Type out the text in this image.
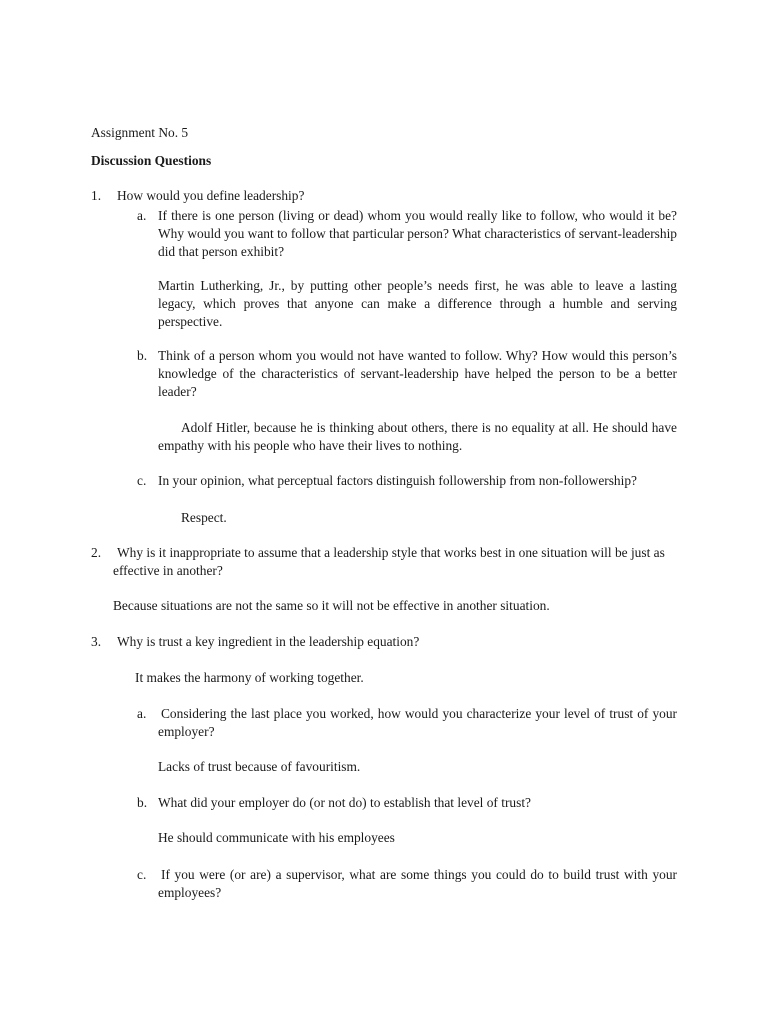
Assignment No. 5
Discussion Questions
1. How would you define leadership?
a. If there is one person (living or dead) whom you would really like to follow, who would it be? Why would you want to follow that particular person? What characteristics of servant-leadership did that person exhibit?
Martin Lutherking, Jr., by putting other people’s needs first, he was able to leave a lasting legacy, which proves that anyone can make a difference through a humble and serving perspective.
b. Think of a person whom you would not have wanted to follow. Why? How would this person’s knowledge of the characteristics of servant-leadership have helped the person to be a better leader?
Adolf Hitler, because he is thinking about others, there is no equality at all. He should have empathy with his people who have their lives to nothing.
c. In your opinion, what perceptual factors distinguish followership from non-followership?
Respect.
2. Why is it inappropriate to assume that a leadership style that works best in one situation will be just as effective in another?
Because situations are not the same so it will not be effective in another situation.
3. Why is trust a key ingredient in the leadership equation?
It makes the harmony of working together.
a. Considering the last place you worked, how would you characterize your level of trust of your employer?
Lacks of trust because of favouritism.
b. What did your employer do (or not do) to establish that level of trust?
He should communicate with his employees
c. If you were (or are) a supervisor, what are some things you could do to build trust with your employees?
